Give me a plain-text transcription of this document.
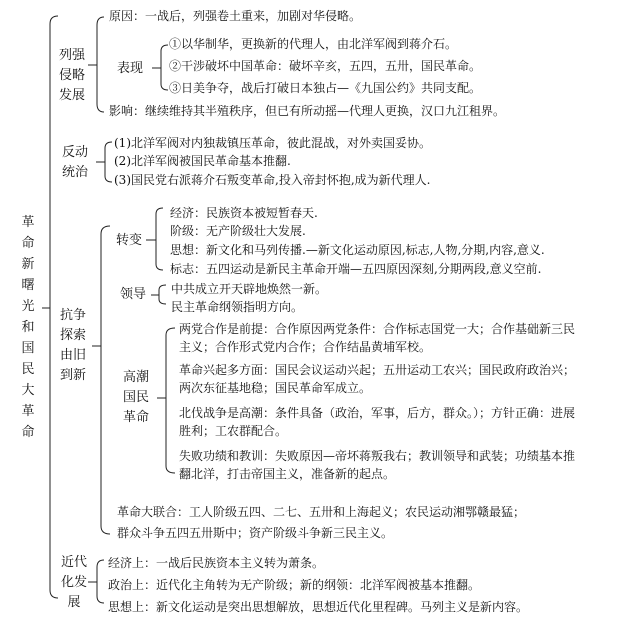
革命新曙光和国民大革命
列强侵略发展
原因：一战后，列强卷土重来，加剧对华侵略。
表现
①以华制华，更换新的代理人，由北洋军阀到蒋介石。
②干涉破坏中国革命：破坏辛亥，五四，五卅，国民革命。
③日美争夺，战后打破日本独占—《九国公约》共同支配。
影响：继续维持其半殖秩序，但已有所动摇—代理人更换，汉口九江租界。
反动统治
(1)北洋军阀对内独裁镇压革命，彼此混战，对外卖国妥协。
(2)北洋军阀被国民革命基本推翻.
(3)国民党右派蒋介石叛变革命,投入帝封怀抱,成为新代理人.
抗争探索由旧到新
转变
经济：民族资本被短暂春天.
阶级：无产阶级壮大发展.
思想：新文化和马列传播.—新文化运动原因,标志,人物,分期,内容,意义.
标志：五四运动是新民主革命开端—五四原因深刻,分期两段,意义空前.
领导	中共成立开天辟地焕然一新。
民主革命纲领指明方向。
高潮国民革命
两党合作是前提：合作原因两党条件：合作标志国党一大；合作基础新三民
主义；合作形式党内合作；合作结晶黄埔军校。
革命兴起多方面：国民会议运动兴起；五卅运动工农兴；国民政府政治兴；
两次东征基地稳；国民革命军成立。
北伐战争是高潮：条件具备（政治，军事，后方，群众。）；方针正确：进展
胜利；工农群配合。
失败功绩和教训：失败原因—帝坏蒋叛我右；教训领导和武装；功绩基本推
翻北洋，打击帝国主义，准备新的起点。
革命大联合：工人阶级五四、二七、五卅和上海起义；农民运动湘鄂赣最猛；
群众斗争五四五卅斯中；资产阶级斗争新三民主义。
近代化发展
经济上：一战后民族资本主义转为萧条。
政治上：近代化主角转为无产阶级；新的纲领：北洋军阀被基本推翻。
思想上：新文化运动是突出思想解放，思想近代化里程碑。马列主义是新内容。
